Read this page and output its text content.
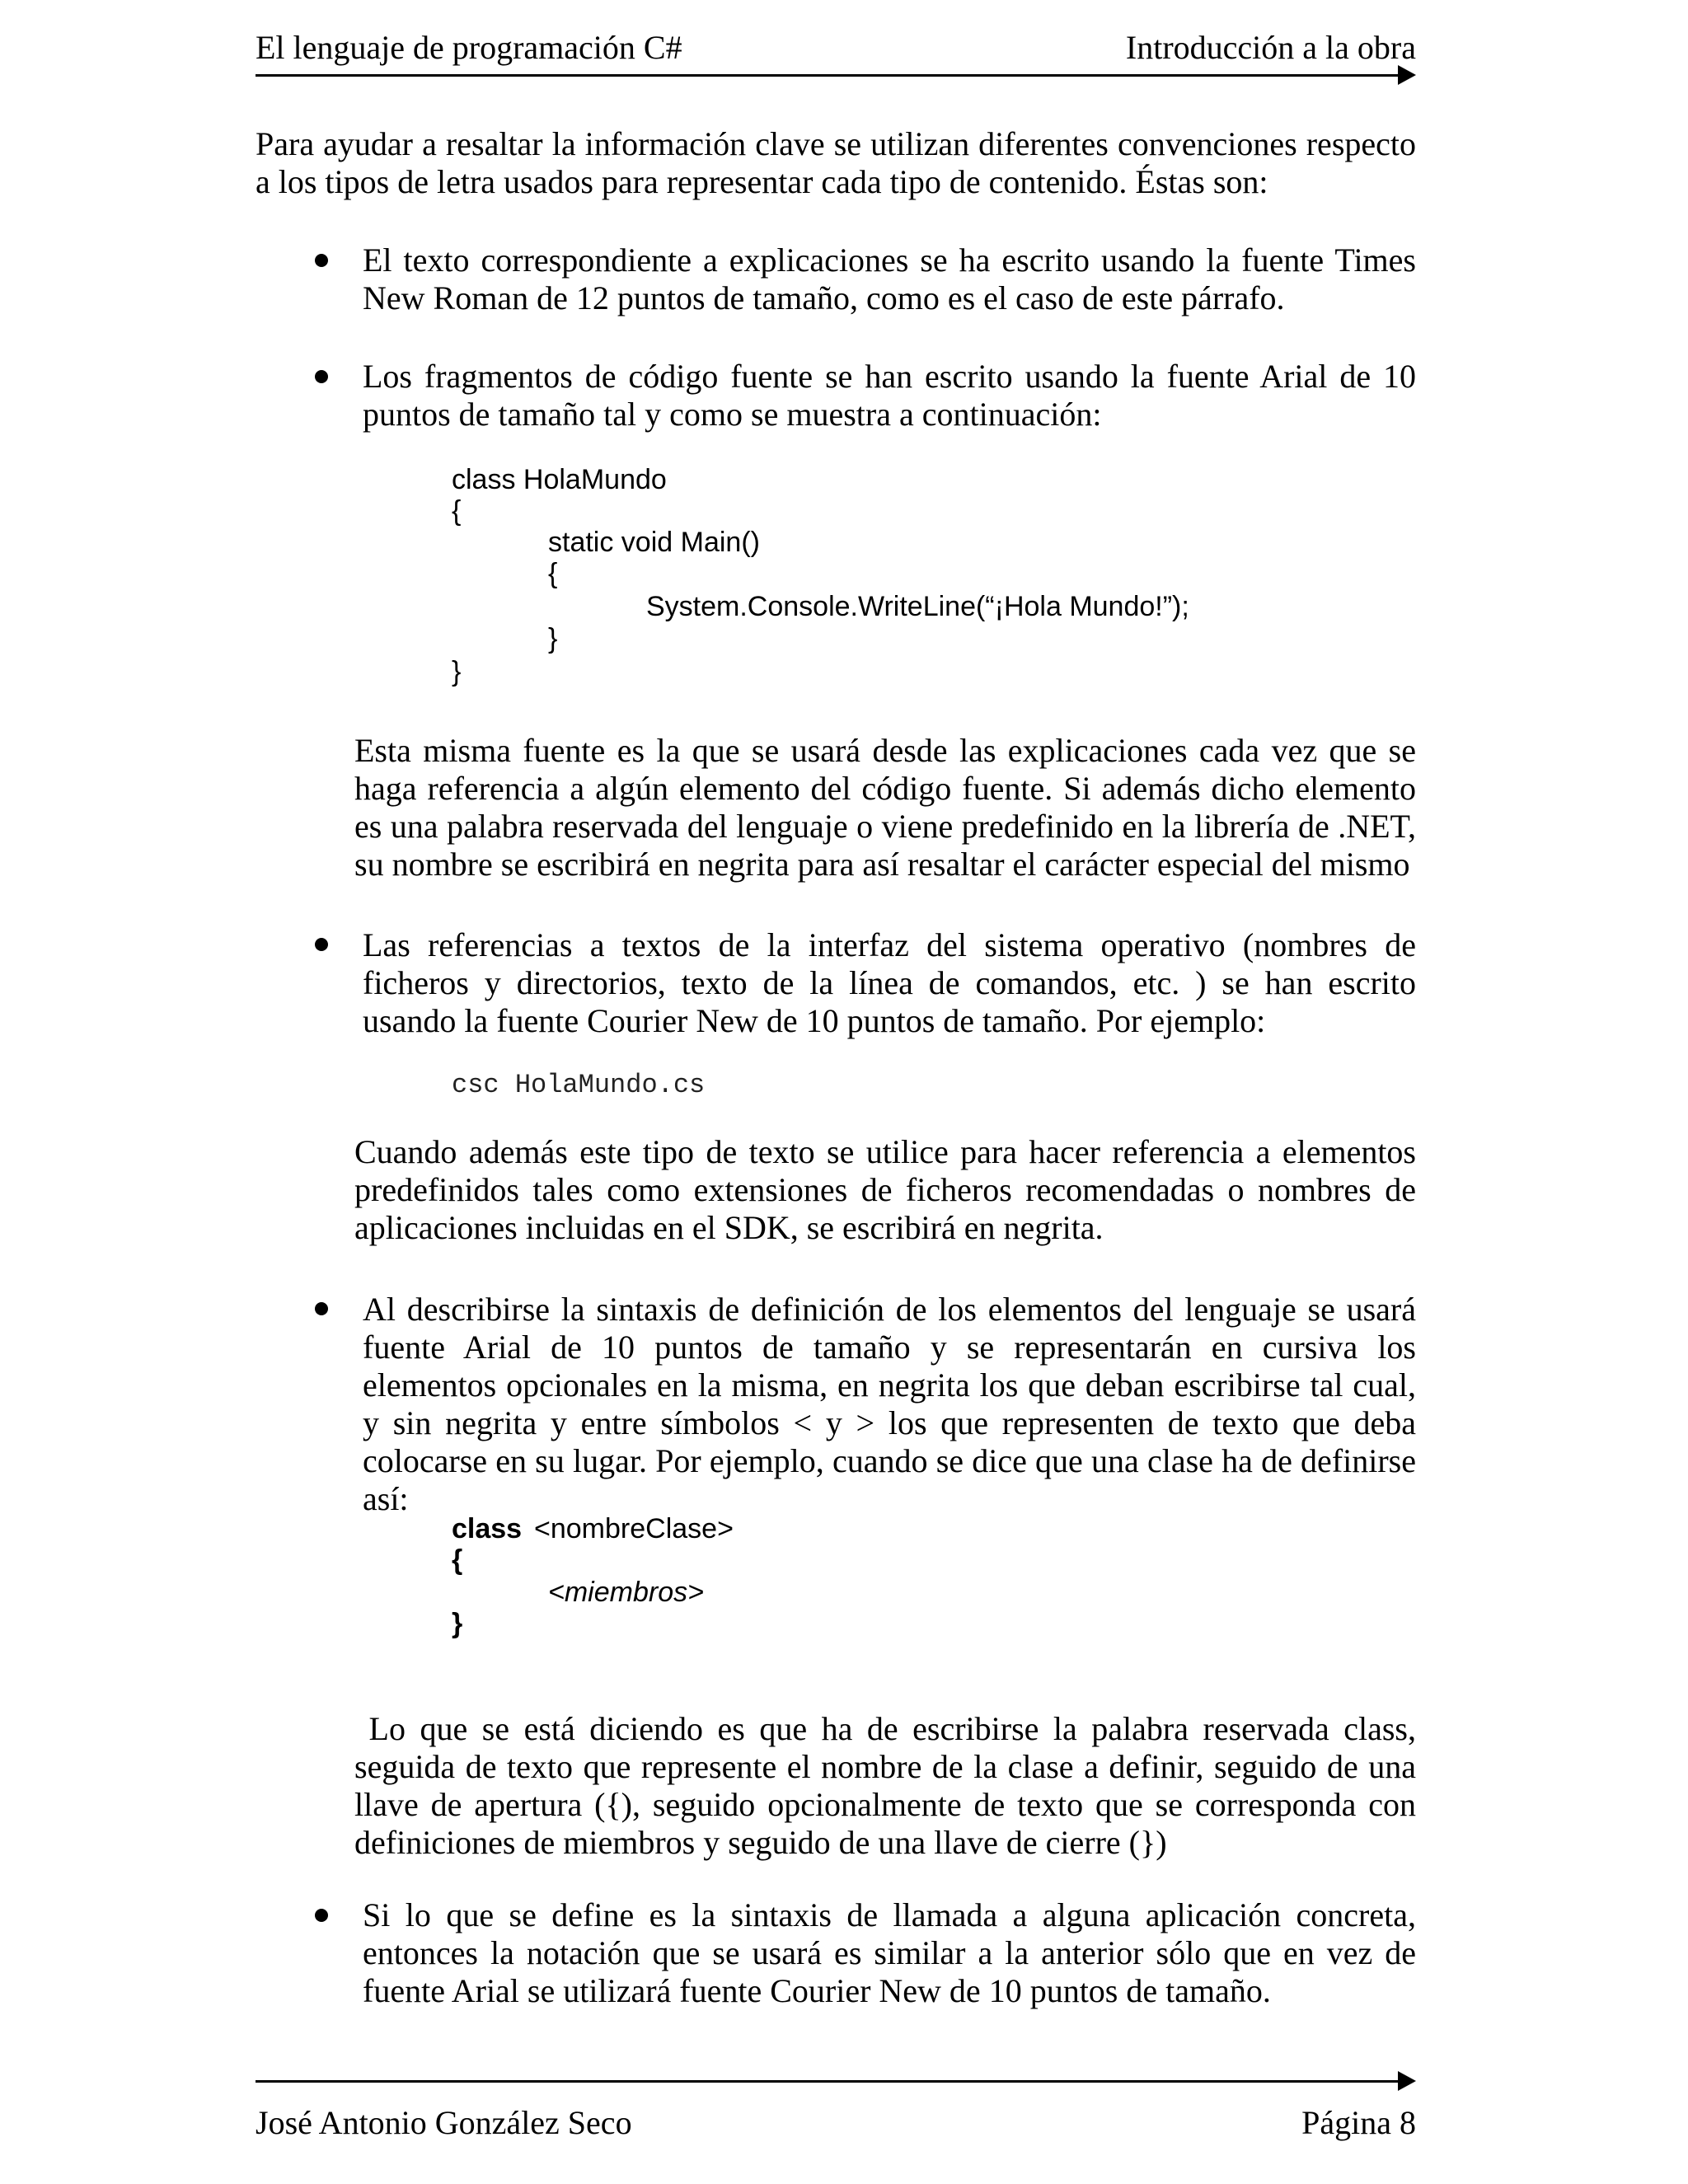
El lenguaje de programación C#	Introducción a la obra
Para ayudar a resaltar la información clave se utilizan diferentes convenciones respecto a los tipos de letra usados para representar cada tipo de contenido. Éstas son:
El texto correspondiente a explicaciones se ha escrito usando la fuente Times New Roman de 12 puntos de tamaño, como es el caso de este párrafo.
Los fragmentos de código fuente se han escrito usando la fuente Arial de 10 puntos de tamaño tal y como se muestra a continuación:
class HolaMundo
{
static void Main()
{
System.Console.WriteLine(“¡Hola Mundo!”);
}
}
Esta misma fuente es la que se usará desde las explicaciones cada vez que se haga referencia a algún elemento del código fuente. Si además dicho elemento es una palabra reservada del lenguaje o viene predefinido en la librería de .NET, su nombre se escribirá en negrita para así resaltar el carácter especial del mismo
Las referencias a textos de la interfaz del sistema operativo (nombres de ficheros y directorios, texto de la línea de comandos, etc. ) se han escrito usando la fuente Courier New de 10 puntos de tamaño. Por ejemplo:
csc HolaMundo.cs
Cuando además este tipo de texto se utilice para hacer referencia a elementos predefinidos tales como extensiones de ficheros recomendadas o nombres de aplicaciones incluidas en el SDK, se escribirá en negrita.
Al describirse la sintaxis de definición de los elementos del lenguaje se usará fuente Arial de 10 puntos de tamaño y se representarán en cursiva los elementos opcionales en la misma, en negrita los que deban escribirse tal cual, y sin negrita y entre símbolos < y > los que representen de texto que deba colocarse en su lugar. Por ejemplo, cuando se dice que una clase ha de definirse así:
class <nombreClase>
{
<miembros>
}
Lo que se está diciendo es que ha de escribirse la palabra reservada class, seguida de texto que represente el nombre de la clase a definir, seguido de una llave de apertura ({), seguido opcionalmente de texto que se corresponda con definiciones de miembros y seguido de una llave de cierre (})
Si lo que se define es la sintaxis de llamada a alguna aplicación concreta, entonces la notación que se usará es similar a la anterior sólo que en vez de fuente Arial se utilizará fuente Courier New de 10 puntos de tamaño.
José Antonio González Seco	Página 8
